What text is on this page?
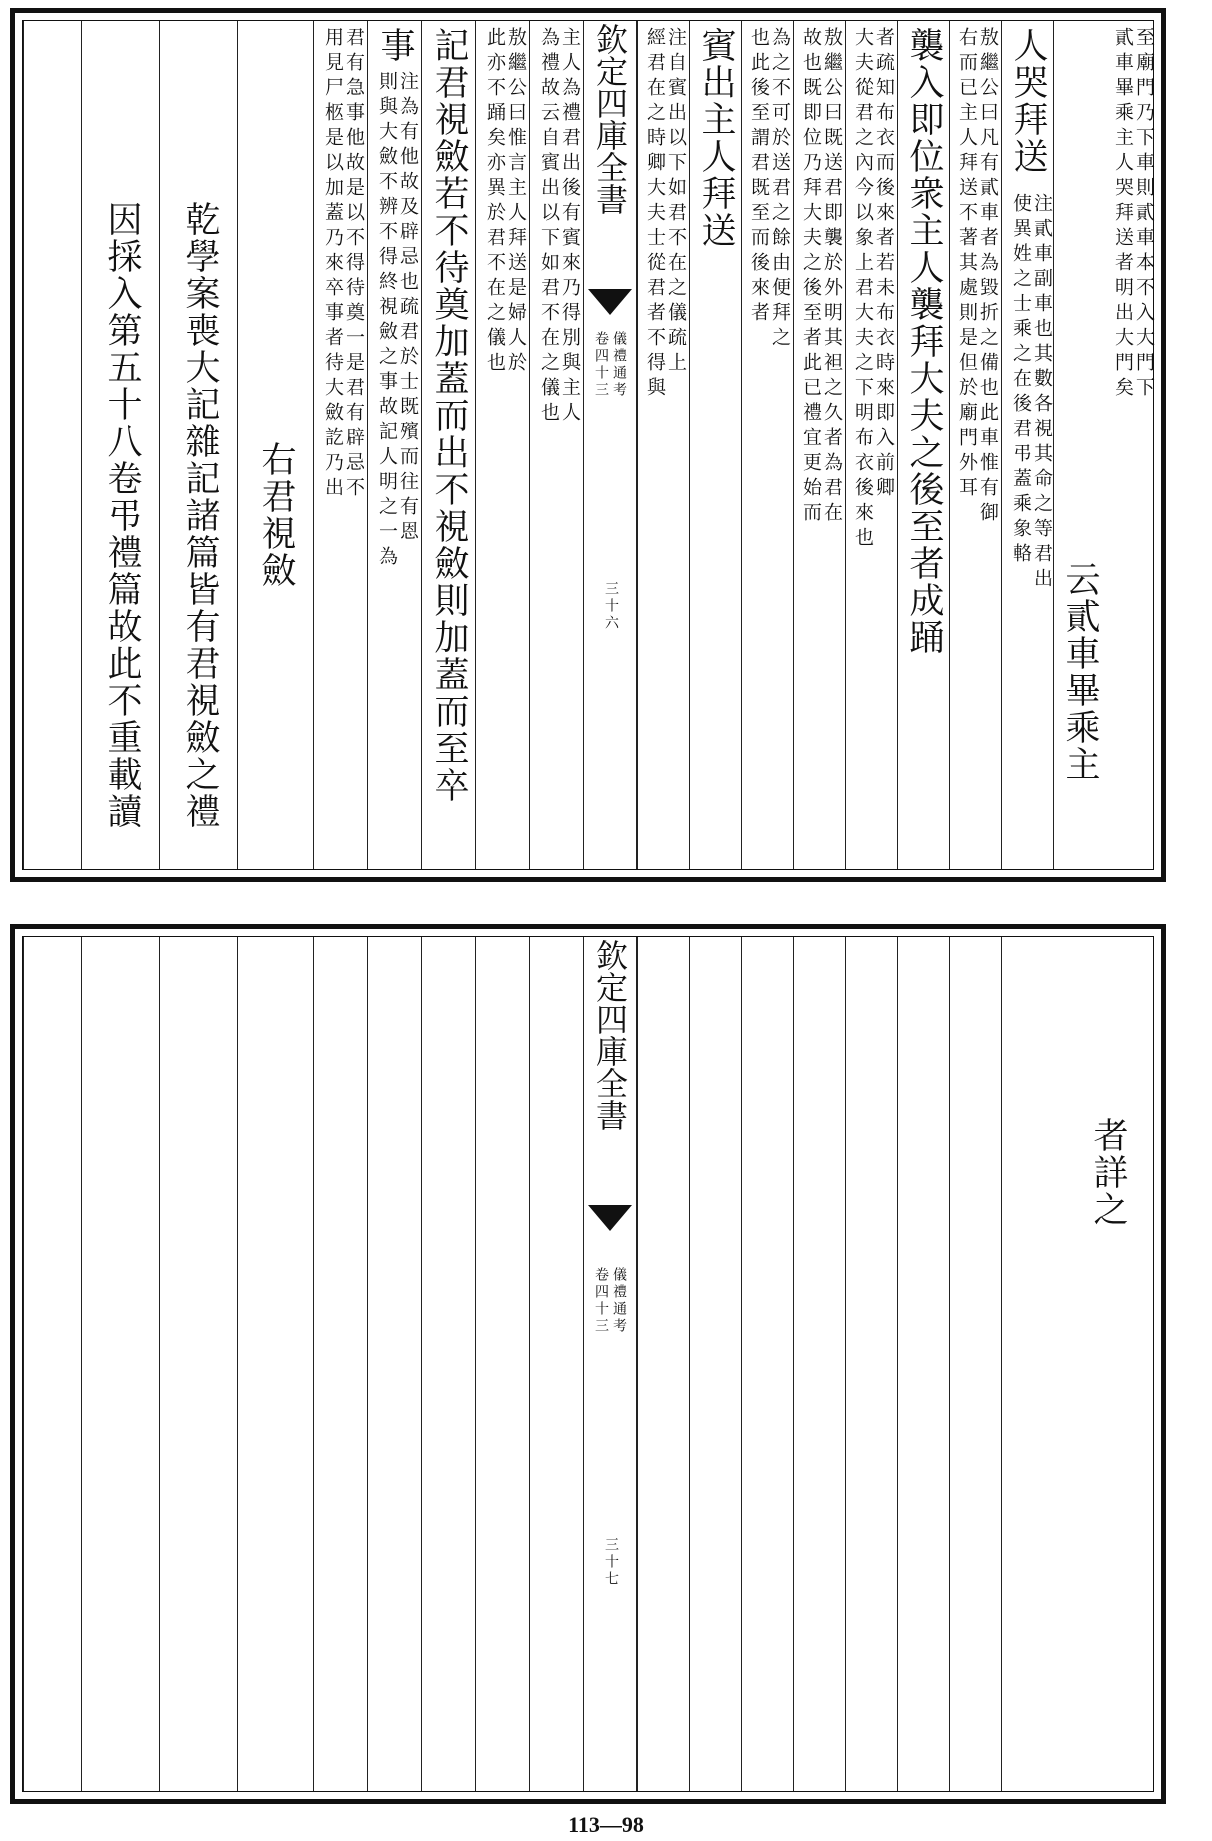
至廟門乃下車則貳車本不入大門下
貳車畢乘主人哭拜送者明出大門矣
云貳車畢乘主
人哭拜送
注貳車副車也其數各視其命之等君出
使異姓之士乘之在後君弔蓋乘象輅
敖繼公曰凡有貳車者為毀折之備也此車惟有御
右而已主人拜送不著其處則是但於廟門外耳
襲入即位衆主人襲拜大夫之後至者成踊
者疏知布衣而後來者若未布衣時來即入前卿
大夫從君之內今以象上君大夫之下明布衣後來也
敖繼公曰既送君即襲於外明其袒之久者為君在
故也既即位乃拜大夫之後至者此已禮宜更始而
為之不可於送君之餘由便拜之
也此後至謂君既至而後來者
賓出主人拜送
注自賓出以下如君不在之儀疏上
經君在之時卿大夫士從君者不得與
欽定四庫全書
儀禮通考
卷四十三
三十六
主人為禮君出後有賓來乃得別與主人
為禮故云自賓出以下如君不在之儀也
敖繼公曰惟言主人拜送是婦人於
此亦不踊矣亦異於君不在之儀也
記君視斂若不待奠加蓋而出不視斂則加蓋而至卒
事
注為有他故及辟忌也疏君於士既殯而往有恩
則與大斂不辨不得終視斂之事故記人明之一為
君有急事他故是以不得待奠一是君有辟忌不
用見尸柩是以加蓋乃來卒事者待大斂訖乃出
右君視斂
乾學案喪大記雜記諸篇皆有君視斂之禮
因採入第五十八卷弔禮篇故此不重載讀
者詳之
欽定四庫全書
儀禮通考
卷四十三
三十七
113—98
